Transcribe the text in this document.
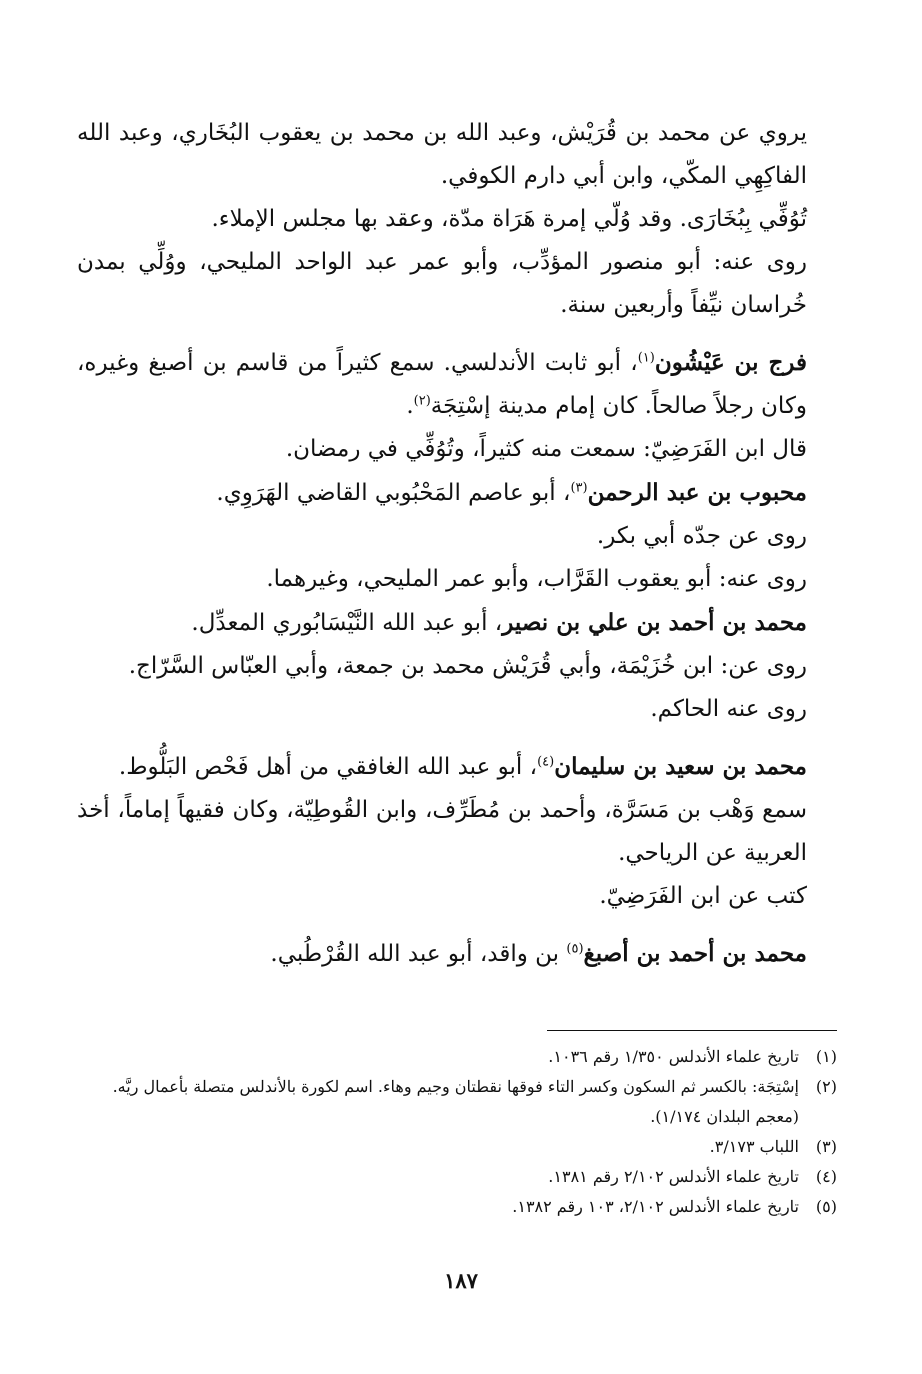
يروي عن محمد بن قُرَيْش، وعبد الله بن محمد بن يعقوب البُخَاري، وعبد الله الفاكِهِي المكّي، وابن أبي دارم الكوفي.

تُوُفِّي بِبُخَارَى. وقد وُلّي إمرة هَرَاة مدّة، وعقد بها مجلس الإملاء.

روى عنه: أبو منصور المؤدِّب، وأبو عمر عبد الواحد المليحي، ووُلِّي بمدن خُراسان نيِّفاً وأربعين سنة.

فرج بن عَيْشُون$^{(١)}$، أبو ثابت الأندلسي. سمع كثيراً من قاسم بن أصبغ وغيره، وكان رجلاً صالحاً. كان إمام مدينة إسْتِجَة$^{(٢)}$.

قال ابن الفَرَضِيّ: سمعت منه كثيراً، وتُوُفِّي في رمضان.

محبوب بن عبد الرحمن$^{(٣)}$، أبو عاصم المَحْبُوبي القاضي الهَرَوِي.

روى عن جدّه أبي بكر.

روى عنه: أبو يعقوب القَرَّاب، وأبو عمر المليحي، وغيرهما.

محمد بن أحمد بن علي بن نصير، أبو عبد الله النَّيْسَابُوري المعدِّل.

روى عن: ابن خُزَيْمَة، وأبي قُرَيْش محمد بن جمعة، وأبي العبّاس السَّرّاج.

روى عنه الحاكم.

محمد بن سعيد بن سليمان$^{(٤)}$، أبو عبد الله الغافقي من أهل فَحْص البَلُّوط.

سمع وَهْب بن مَسَرَّة، وأحمد بن مُطَرِّف، وابن القُوطِيّة، وكان فقيهاً إماماً، أخذ العربية عن الرياحي.

كتب عن ابن الفَرَضِيّ.

محمد بن أحمد بن أصبغ$^{(٥)}$ بن واقد، أبو عبد الله القُرْطُبي.

(١)
تاريخ علماء الأندلس ١/٣٥٠ رقم ١٠٣٦.
(٢)
إسْتِجَة: بالكسر ثم السكون وكسر التاء فوقها نقطتان وجيم وهاء. اسم لكورة بالأندلس متصلة بأعمال ريَّه. (معجم البلدان ١/١٧٤).
(٣)
اللباب ٣/١٧٣.
(٤)
تاريخ علماء الأندلس ٢/١٠٢ رقم ١٣٨١.
(٥)
تاريخ علماء الأندلس ٢/١٠٢، ١٠٣ رقم ١٣٨٢.
١٨٧
